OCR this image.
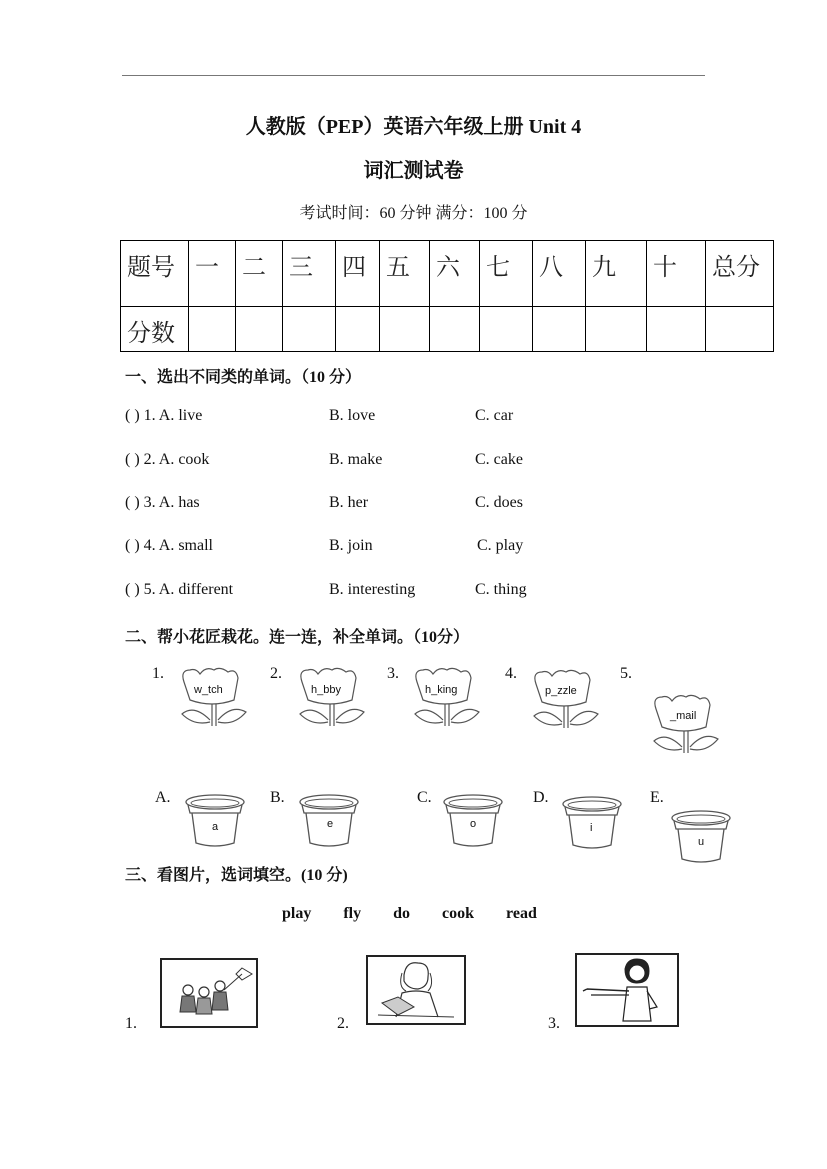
人教版（PEP）英语六年级上册 Unit 4
词汇测试卷
考试时间：60 分钟 满分：100 分
题号	一	二	三	四	五	六	七	八	九	十	总分
分数											
一、选出不同类的单词。（10 分）
( ) 1. A. live	B. love	C. car
( ) 2. A. cook	B. make	C. cake
( ) 3. A. has	B. her	C. does
( ) 4. A. small	B. join	C. play
( ) 5. A. different	B. interesting	C. thing
二、帮小花匠栽花。连一连，补全单词。（10分）
1.
w_tch
2.
h_bby
3.
h_king
4.
p_zzle
5.
_mail
A.
a
B.
e
C.
o
D.
i
E.
u
三、看图片，选词填空。(10 分)
play fly do cook read
1.	2.	3.
